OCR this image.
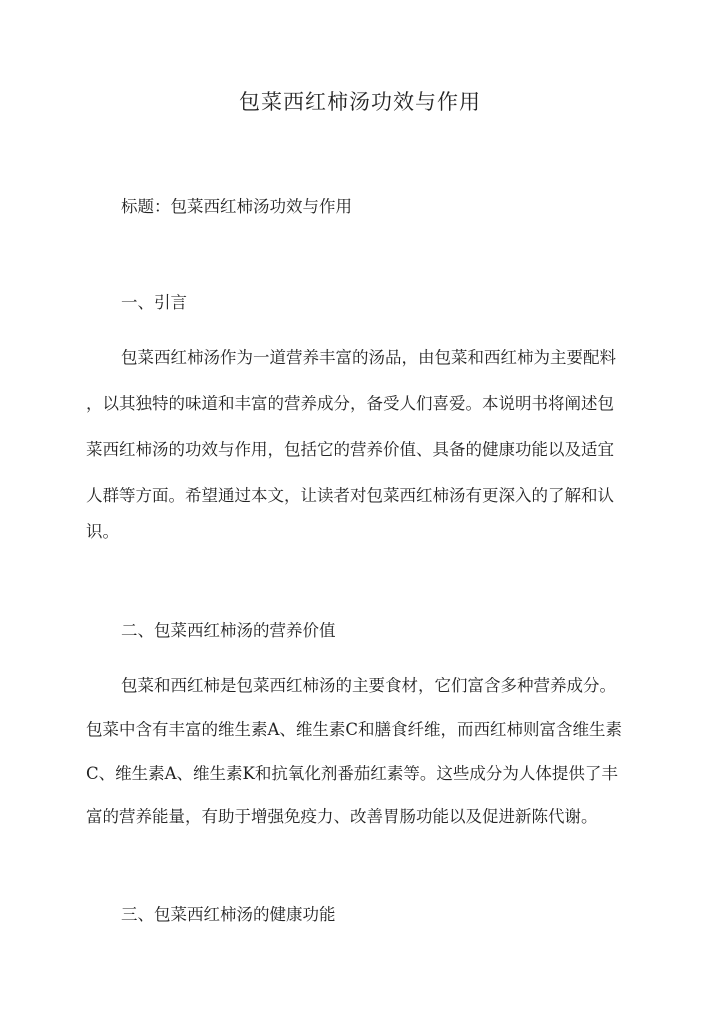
包菜西红柿汤功效与作用

标题：包菜西红柿汤功效与作用

一、引言

包菜西红柿汤作为一道营养丰富的汤品，由包菜和西红柿为主要配料

，以其独特的味道和丰富的营养成分，备受人们喜爱。本说明书将阐述包

菜西红柿汤的功效与作用，包括它的营养价值、具备的健康功能以及适宜

人群等方面。希望通过本文，让读者对包菜西红柿汤有更深入的了解和认

识。

二、包菜西红柿汤的营养价值

包菜和西红柿是包菜西红柿汤的主要食材，它们富含多种营养成分。

包菜中含有丰富的维生素A、维生素C和膳食纤维，而西红柿则富含维生素

C、维生素A、维生素K和抗氧化剂番茄红素等。这些成分为人体提供了丰

富的营养能量，有助于增强免疫力、改善胃肠功能以及促进新陈代谢。

三、包菜西红柿汤的健康功能
